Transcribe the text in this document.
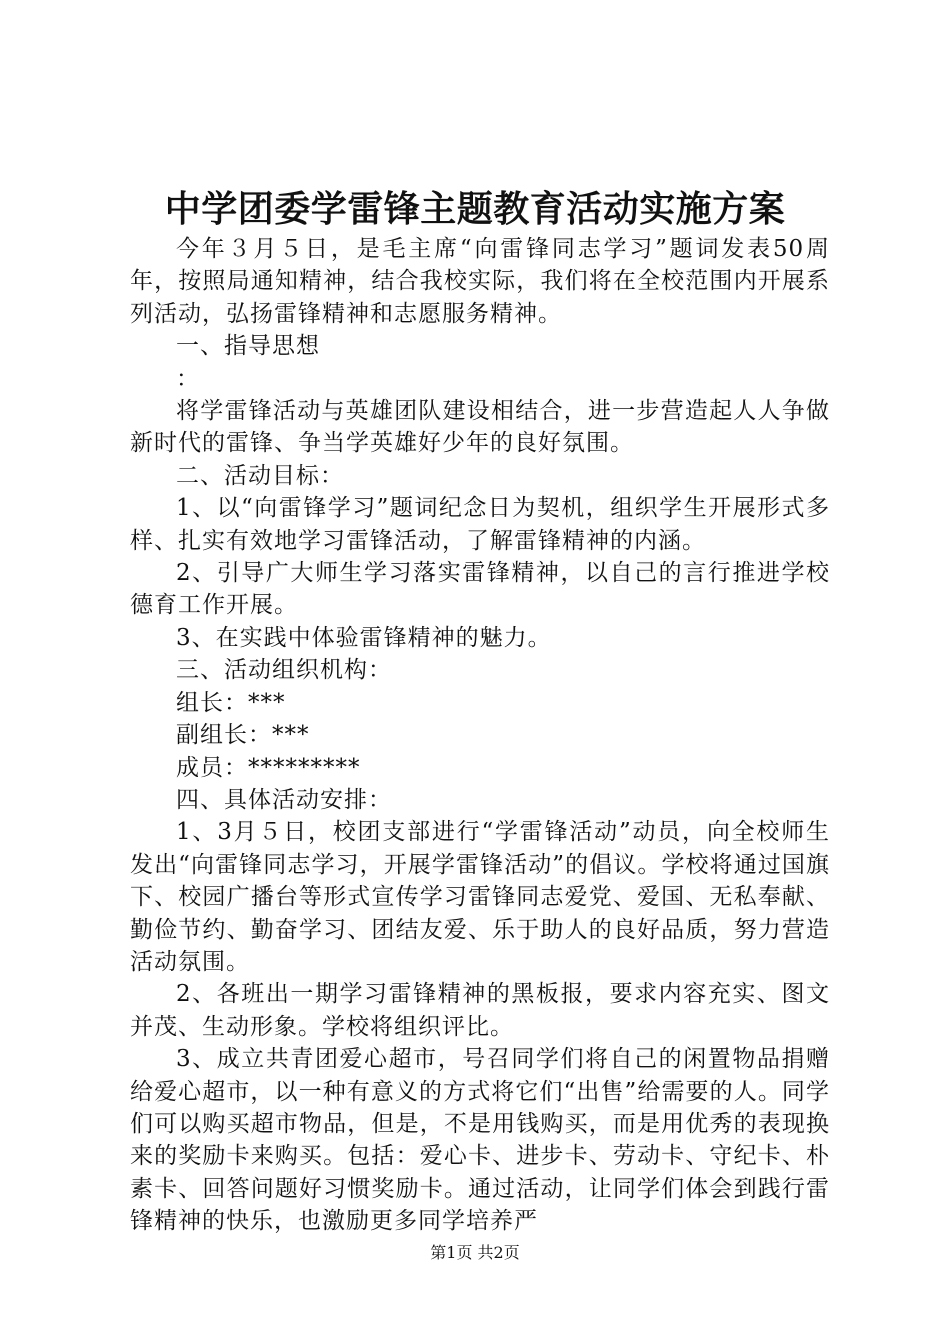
中学团委学雷锋主题教育活动实施方案

今年３月５日，是毛主席“向雷锋同志学习”题词发表50周年，按照局通知精神，结合我校实际，我们将在全校范围内开展系列活动，弘扬雷锋精神和志愿服务精神。

一、指导思想

：

将学雷锋活动与英雄团队建设相结合，进一步营造起人人争做新时代的雷锋、争当学英雄好少年的良好氛围。

二、活动目标：

1、以“向雷锋学习”题词纪念日为契机，组织学生开展形式多样、扎实有效地学习雷锋活动，了解雷锋精神的内涵。

2、引导广大师生学习落实雷锋精神，以自己的言行推进学校德育工作开展。

3、在实践中体验雷锋精神的魅力。

三、活动组织机构：

组长：***

副组长：***

成员：*********

四、具体活动安排：

1、3月５日，校团支部进行“学雷锋活动”动员，向全校师生发出“向雷锋同志学习，开展学雷锋活动”的倡议。学校将通过国旗下、校园广播台等形式宣传学习雷锋同志爱党、爱国、无私奉献、勤俭节约、勤奋学习、团结友爱、乐于助人的良好品质，努力营造活动氛围。

2、各班出一期学习雷锋精神的黑板报，要求内容充实、图文并茂、生动形象。学校将组织评比。

3、成立共青团爱心超市，号召同学们将自己的闲置物品捐赠给爱心超市，以一种有意义的方式将它们“出售”给需要的人。同学们可以购买超市物品，但是，不是用钱购买，而是用优秀的表现换来的奖励卡来购买。包括：爱心卡、进步卡、劳动卡、守纪卡、朴素卡、回答问题好习惯奖励卡。通过活动，让同学们体会到践行雷锋精神的快乐，也激励更多同学培养严

第1页 共2页
